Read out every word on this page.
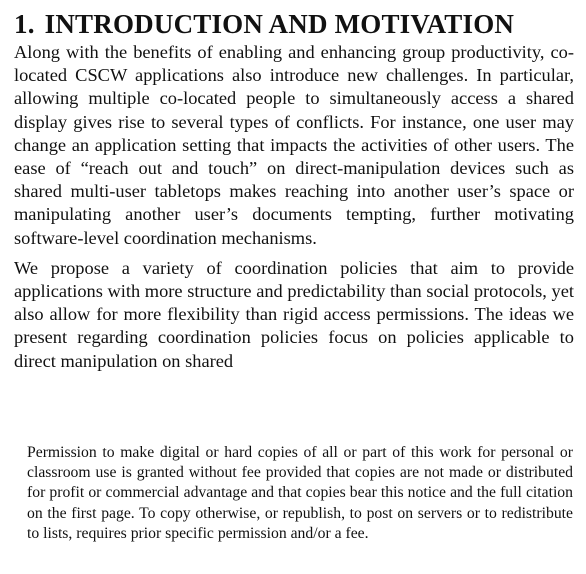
1. INTRODUCTION AND MOTIVATION

Along with the benefits of enabling and enhancing group productivity, co-located CSCW applications also introduce new challenges. In particular, allowing multiple co-located people to simultaneously access a shared display gives rise to several types of conflicts. For instance, one user may change an application setting that impacts the activities of other users. The ease of “reach out and touch” on direct-manipulation devices such as shared multi-user tabletops makes reaching into another user’s space or manipulating another user’s documents tempting, further motivating software-level coordination mechanisms.

We propose a variety of coordination policies that aim to provide applications with more structure and predictability than social protocols, yet also allow for more flexibility than rigid access permissions. The ideas we present regarding coordination policies focus on policies applicable to direct manipulation on shared

Permission to make digital or hard copies of all or part of this work for personal or classroom use is granted without fee provided that copies are not made or distributed for profit or commercial advantage and that copies bear this notice and the full citation on the first page. To copy otherwise, or republish, to post on servers or to redistribute to lists, requires prior specific permission and/or a fee.
